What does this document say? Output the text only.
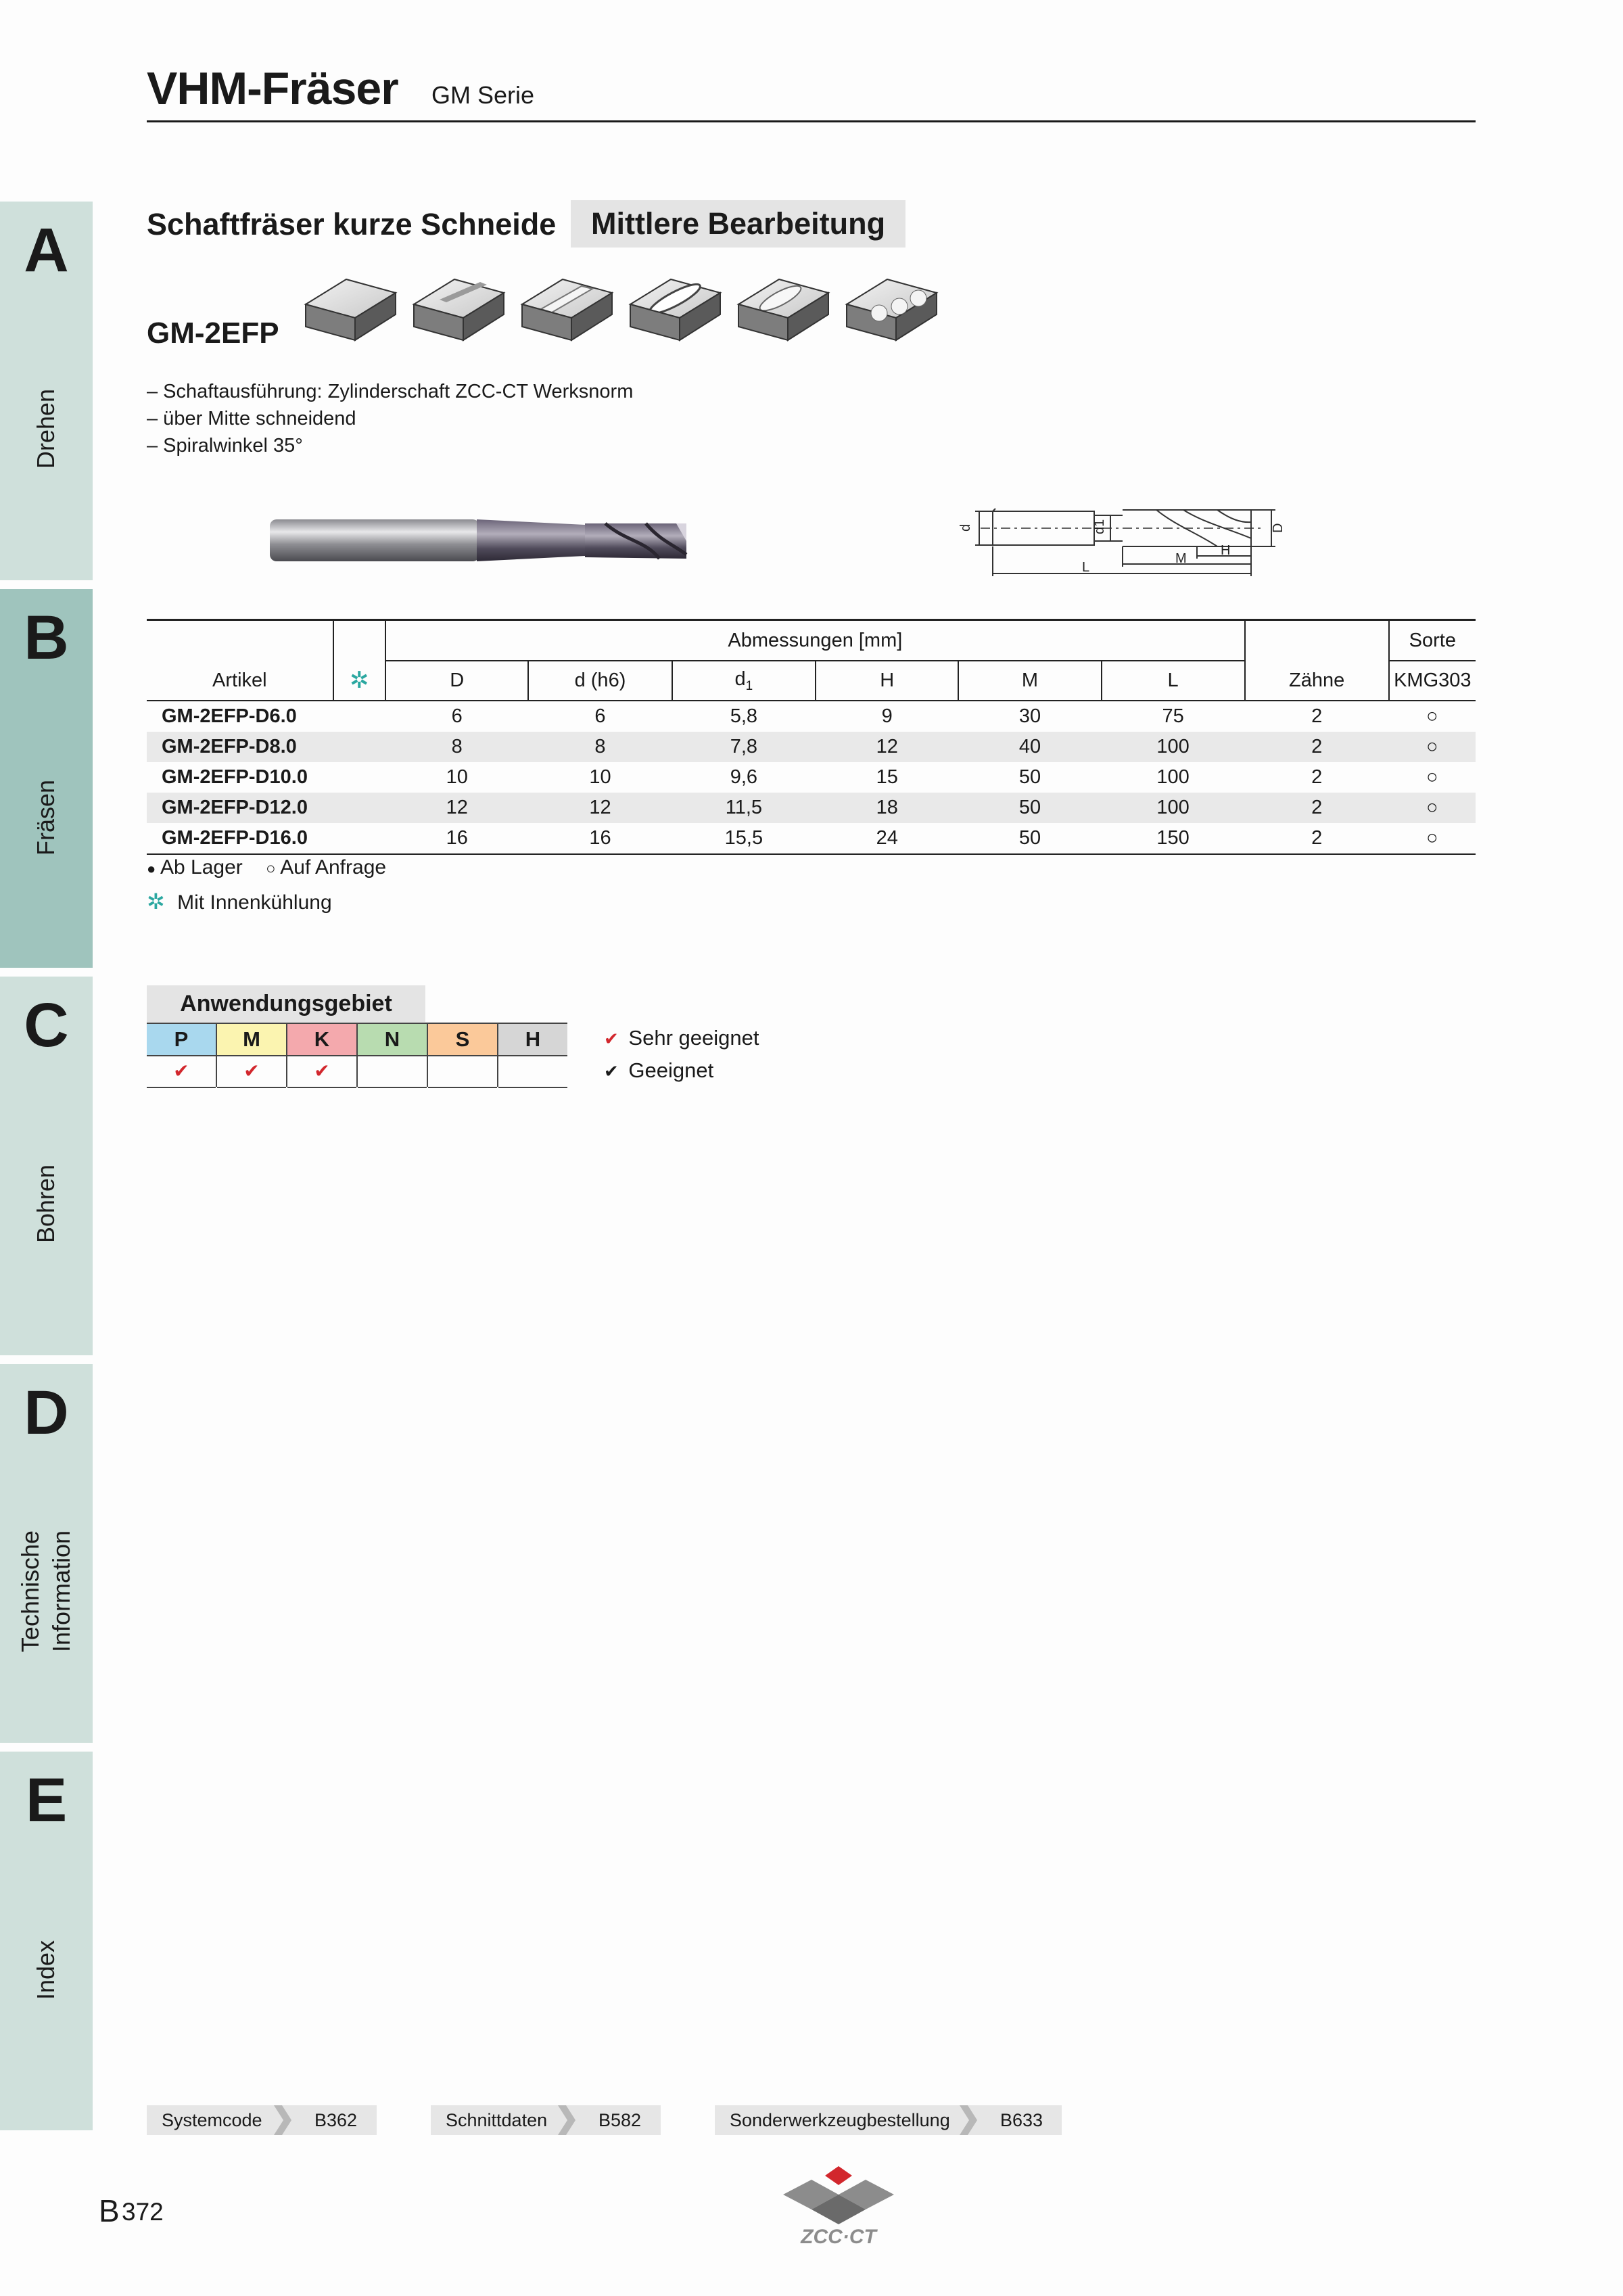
VHM-Fräser GM Serie
A
Drehen
B
Fräsen
C
Bohren
D
Technische Information
E
Index
Schaftfräser kurze Schneide	Mittlere Bearbeitung
GM-2EFP
– Schaftausführung: Zylinderschaft ZCC-CT Werksnorm
– über Mitte schneidend
– Spiralwinkel 35°
d	d1	D
L
M
H
		Abmessungen [mm]							Sorte
Artikel	✲	D	d (h6)	$d_1$	H	M	L	Zähne	KMG303
GM-2EFP-D6.0		6	6	5,8	9	30	75	2	○
GM-2EFP-D8.0		8	8	7,8	12	40	100	2	○
GM-2EFP-D10.0		10	10	9,6	15	50	100	2	○
GM-2EFP-D12.0		12	12	11,5	18	50	100	2	○
GM-2EFP-D16.0		16	16	15,5	24	50	150	2	○
● Ab Lager ○ Auf Anfrage
✲ Mit Innenkühlung
Anwendungsgebiet
P	M	K	N	S	H
✔	✔	✔
✔ Sehr geeignet
✔ Geeignet
Systemcode	B362	Schnittdaten	B582	Sonderwerkzeugbestellung	B633
B 372
ZCC·CT
